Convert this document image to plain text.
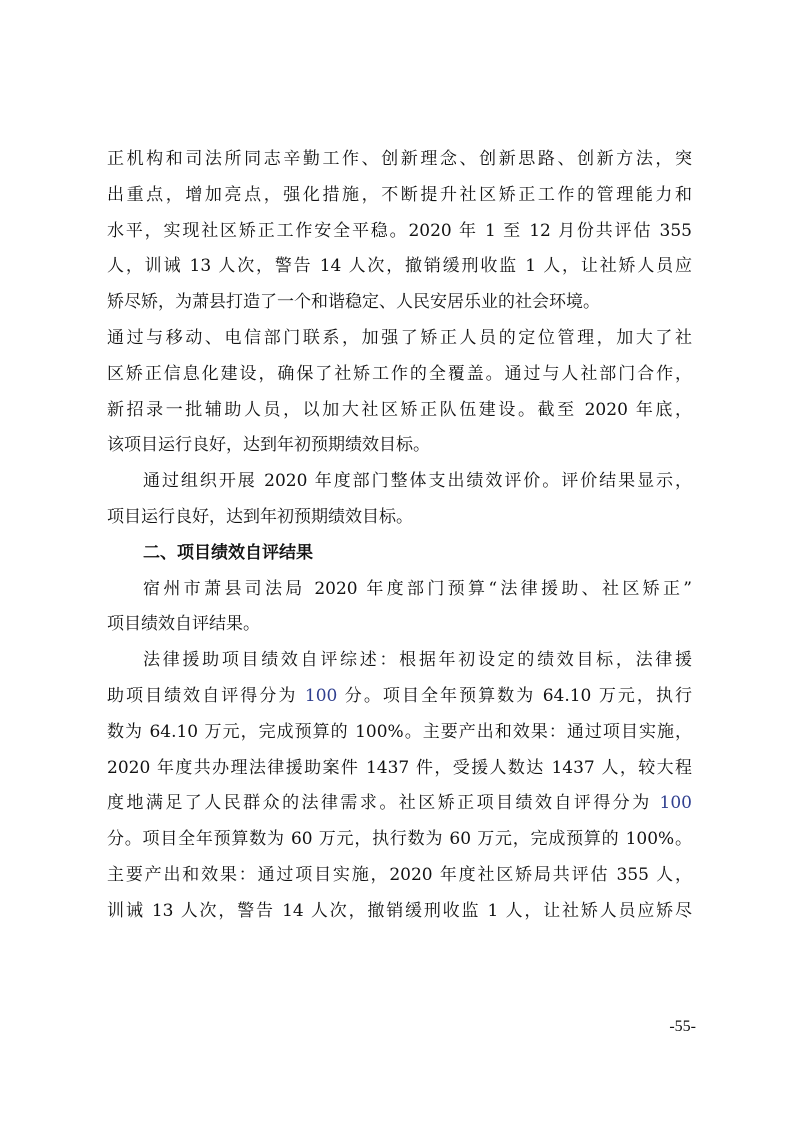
正机构和司法所同志辛勤工作、创新理念、创新思路、创新方法，突
出重点，增加亮点，强化措施，不断提升社区矫正工作的管理能力和
水平，实现社区矫正工作安全平稳。2020 年 1 至 12 月份共评估 355
人，训诫 13 人次，警告 14 人次，撤销缓刑收监 1 人，让社矫人员应
矫尽矫，为萧县打造了一个和谐稳定、人民安居乐业的社会环境。
通过与移动、电信部门联系，加强了矫正人员的定位管理，加大了社
区矫正信息化建设，确保了社矫工作的全覆盖。通过与人社部门合作，
新招录一批辅助人员，以加大社区矫正队伍建设。截至 2020 年底，
该项目运行良好，达到年初预期绩效目标。
通过组织开展 2020 年度部门整体支出绩效评价。评价结果显示，
项目运行良好，达到年初预期绩效目标。
二、项目绩效自评结果
宿州市萧县司法局 2020 年度部门预算“法律援助、社区矫正”
项目绩效自评结果。
法律援助项目绩效自评综述：根据年初设定的绩效目标，法律援
助项目绩效自评得分为 100 分。项目全年预算数为 64.10 万元，执行
数为 64.10 万元，完成预算的 100%。主要产出和效果：通过项目实施，
2020 年度共办理法律援助案件 1437 件，受援人数达 1437 人，较大程
度地满足了人民群众的法律需求。社区矫正项目绩效自评得分为 100
分。项目全年预算数为 60 万元，执行数为 60 万元，完成预算的 100%。
主要产出和效果：通过项目实施，2020 年度社区矫局共评估 355 人，
训诫 13 人次，警告 14 人次，撤销缓刑收监 1 人，让社矫人员应矫尽
-55-
